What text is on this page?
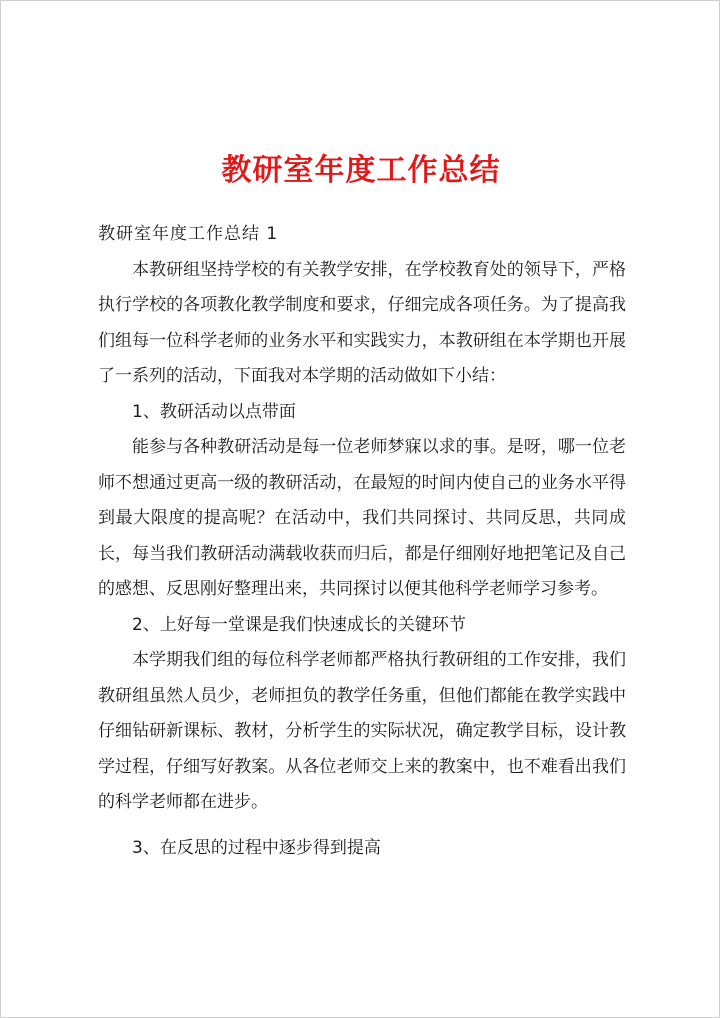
教研室年度工作总结

教研室年度工作总结 1

本教研组坚持学校的有关教学安排，在学校教育处的领导下，严格执行学校的各项教化教学制度和要求，仔细完成各项任务。为了提高我们组每一位科学老师的业务水平和实践实力，本教研组在本学期也开展了一系列的活动，下面我对本学期的活动做如下小结：

1、教研活动以点带面

能参与各种教研活动是每一位老师梦寐以求的事。是呀，哪一位老师不想通过更高一级的教研活动，在最短的时间内使自己的业务水平得到最大限度的提高呢？在活动中，我们共同探讨、共同反思，共同成长，每当我们教研活动满载收获而归后，都是仔细刚好地把笔记及自己的感想、反思刚好整理出来，共同探讨以便其他科学老师学习参考。

2、上好每一堂课是我们快速成长的关键环节

本学期我们组的每位科学老师都严格执行教研组的工作安排，我们教研组虽然人员少，老师担负的教学任务重，但他们都能在教学实践中仔细钻研新课标、教材，分析学生的实际状况，确定教学目标，设计教学过程，仔细写好教案。从各位老师交上来的教案中，也不难看出我们的科学老师都在进步。

3、在反思的过程中逐步得到提高
